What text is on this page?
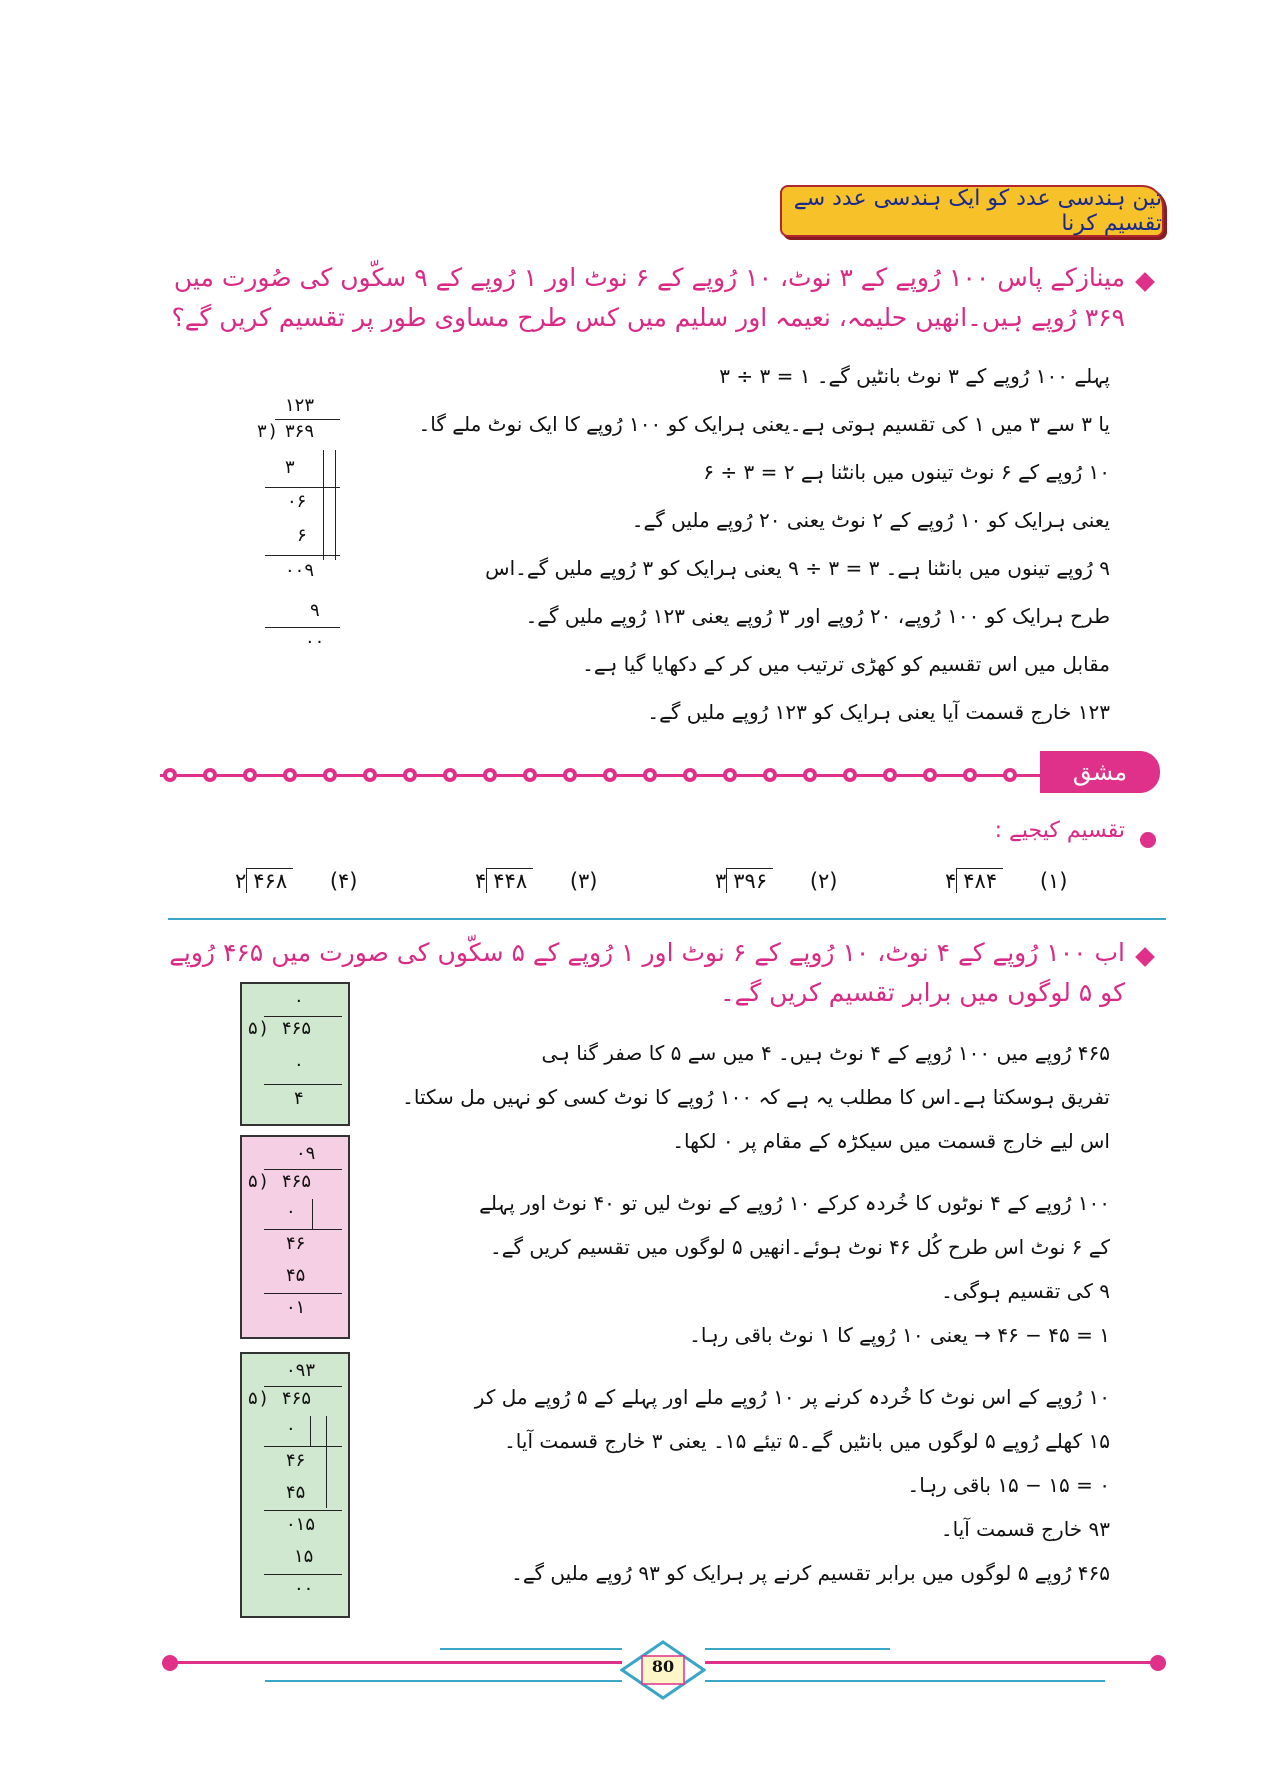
تین ہندسی عدد کو ایک ہندسی عدد سے تقسیم کرنا
مینازکے پاس ۱۰۰ رُوپے کے ۳ نوٹ، ۱۰ رُوپے کے ۶ نوٹ اور ۱ رُوپے کے ۹ سکّوں کی صُورت میں ۳۶۹ رُوپے ہیں۔انھیں حلیمہ، نعیمہ اور سلیم میں کس طرح مساوی طور پر تقسیم کریں گے؟
پہلے ۱۰۰ رُوپے کے ۳ نوٹ بانٹیں گے۔ ۱ = ۳ ÷ ۳
یا ۳ سے ۳ میں ۱ کی تقسیم ہوتی ہے۔یعنی ہرایک کو ۱۰۰ رُوپے کا ایک نوٹ ملے گا۔
۱۰ رُوپے کے ۶ نوٹ تینوں میں بانٹنا ہے ۲ = ۳ ÷ ۶
یعنی ہرایک کو ۱۰ رُوپے کے ۲ نوٹ یعنی ۲۰ رُوپے ملیں گے۔
۹ رُوپے تینوں میں بانٹنا ہے۔ ۳ = ۳ ÷ ۹ یعنی ہرایک کو ۳ رُوپے ملیں گے۔اس
طرح ہرایک کو ۱۰۰ رُوپے، ۲۰ رُوپے اور ۳ رُوپے یعنی ۱۲۳ رُوپے ملیں گے۔
مقابل میں اس تقسیم کو کھڑی ترتیب میں کر کے دکھایا گیا ہے۔
۱۲۳ خارج قسمت آیا یعنی ہرایک کو ۱۲۳ رُوپے ملیں گے۔
۱۲۳
۳ ) ۳۶۹
۳
۰۶
۶
۰۰۹
۹
۰۰
مشق
تقسیم کیجیے :
۴ ۴۸۴ (۱)
۳ ۳۹۶ (۲)
۴ ۴۴۸ (۳)
۲ ۴۶۸ (۴)
اب ۱۰۰ رُوپے کے ۴ نوٹ، ۱۰ رُوپے کے ۶ نوٹ اور ۱ رُوپے کے ۵ سکّوں کی صورت میں ۴۶۵ رُوپے کو ۵ لوگوں میں برابر تقسیم کریں گے۔
۴۶۵ رُوپے میں ۱۰۰ رُوپے کے ۴ نوٹ ہیں۔ ۴ میں سے ۵ کا صفر گنا ہی
تفریق ہوسکتا ہے۔اس کا مطلب یہ ہے کہ ۱۰۰ رُوپے کا نوٹ کسی کو نہیں مل سکتا۔
اس لیے خارج قسمت میں سیکڑہ کے مقام پر ۰ لکھا۔
۱۰۰ رُوپے کے ۴ نوٹوں کا خُردہ کرکے ۱۰ رُوپے کے نوٹ لیں تو ۴۰ نوٹ اور پہلے
کے ۶ نوٹ اس طرح کُل ۴۶ نوٹ ہوئے۔انھیں ۵ لوگوں میں تقسیم کریں گے۔
۹ کی تقسیم ہوگی۔
۱ = ۴۵ − ۴۶ → یعنی ۱۰ رُوپے کا ۱ نوٹ باقی رہا۔
۱۰ رُوپے کے اس نوٹ کا خُردہ کرنے پر ۱۰ رُوپے ملے اور پہلے کے ۵ رُوپے مل کر
۱۵ کھلے رُوپے ۵ لوگوں میں بانٹیں گے۔۵ تیئے ۱۵۔ یعنی ۳ خارج قسمت آیا۔
۰ = ۱۵ − ۱۵ باقی رہا۔
۹۳ خارج قسمت آیا۔
۴۶۵ رُوپے ۵ لوگوں میں برابر تقسیم کرنے پر ہرایک کو ۹۳ رُوپے ملیں گے۔
۰
۵ ) ۴۶۵
۰
۴
۰۹
۵ ) ۴۶۵
۰
۴۶
۴۵
۰۱
۰۹۳
۵ ) ۴۶۵
۰
۴۶
۴۵
۰۱۵
۱۵
۰۰
80
